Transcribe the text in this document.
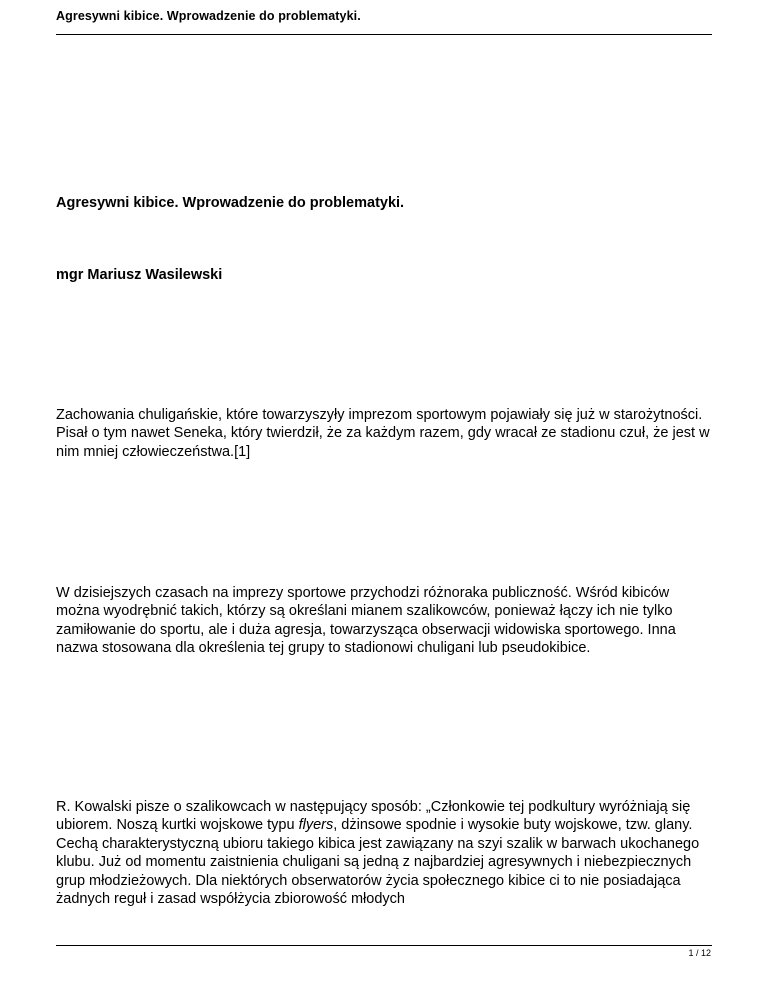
Agresywni kibice. Wprowadzenie do problematyki.
Agresywni kibice. Wprowadzenie do problematyki.
mgr Mariusz Wasilewski

Zachowania chuligańskie, które towarzyszyły imprezom sportowym pojawiały się już w starożytności. Pisał o tym nawet Seneka, który twierdził, że za każdym razem, gdy wracał ze stadionu czuł, że jest w nim mniej człowieczeństwa.[1]

W dzisiejszych czasach na imprezy sportowe przychodzi różnoraka publiczność. Wśród kibiców można wyodrębnić takich, którzy są określani mianem szalikowców, ponieważ łączy ich nie tylko zamiłowanie do sportu, ale i duża agresja, towarzysząca obserwacji widowiska sportowego. Inna nazwa stosowana dla określenia tej grupy to stadionowi chuligani lub pseudokibice.

R. Kowalski pisze o szalikowcach w następujący sposób: „Członkowie tej podkultury wyróżniają się ubiorem. Noszą kurtki wojskowe typu flyers, dżinsowe spodnie i wysokie buty wojskowe, tzw. glany. Cechą charakterystyczną ubioru takiego kibica jest zawiązany na szyi szalik w barwach ukochanego klubu. Już od momentu zaistnienia chuligani są jedną z najbardziej agresywnych i niebezpiecznych grup młodzieżowych. Dla niektórych obserwatorów życia społecznego kibice ci to nie posiadająca żadnych reguł i zasad współżycia zbiorowość młodych

1 / 12
